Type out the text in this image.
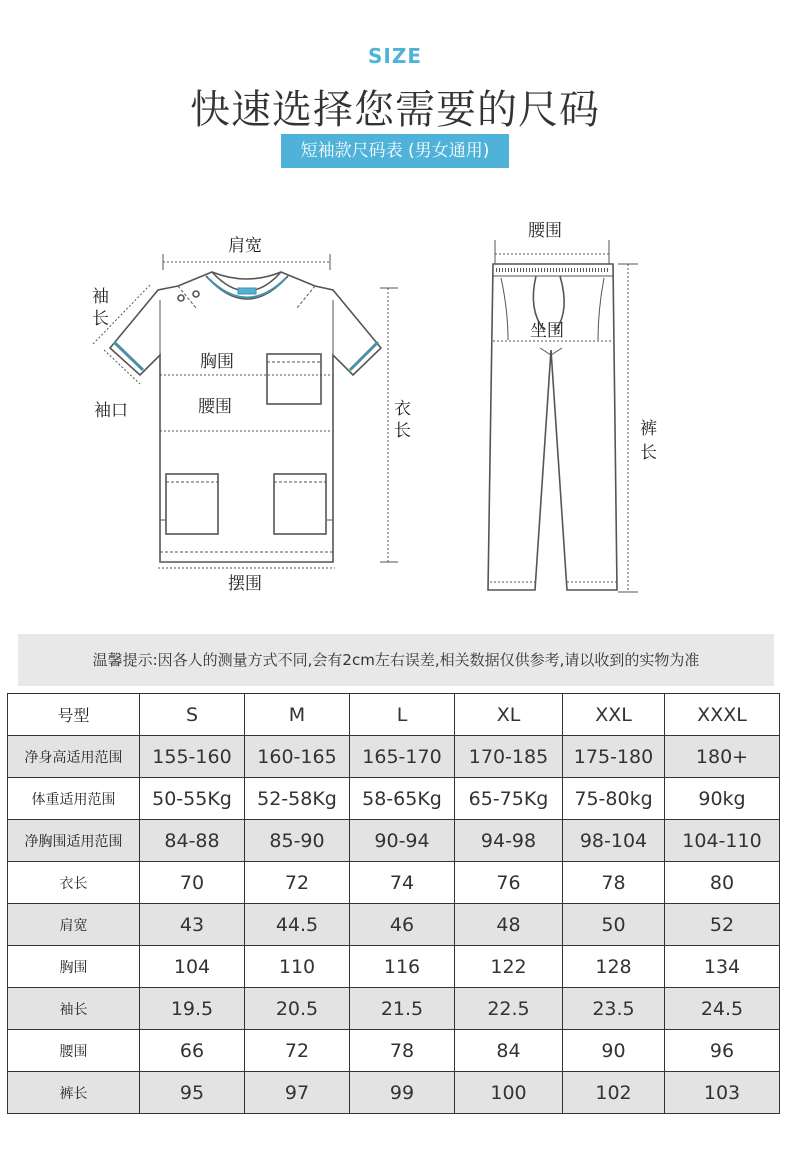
SIZE
快速选择您需要的尺码
短袖款尺码表 (男女通用)
肩宽
袖
长
胸围
腰围
袖口	衣
长
摆围
腰围
坐围
裤
长
温馨提示:因各人的测量方式不同,会有2cm左右误差,相关数据仅供参考,请以收到的实物为准
号型	S	M	L	XL	XXL	XXXL
净身高适用范围	155-160	160-165	165-170	170-185	175-180	180+
体重适用范围	50-55Kg	52-58Kg	58-65Kg	65-75Kg	75-80kg	90kg
净胸围适用范围	84-88	85-90	90-94	94-98	98-104	104-110
衣长	70	72	74	76	78	80
肩宽	43	44.5	46	48	50	52
胸围	104	110	116	122	128	134
袖长	19.5	20.5	21.5	22.5	23.5	24.5
腰围	66	72	78	84	90	96
裤长	95	97	99	100	102	103
